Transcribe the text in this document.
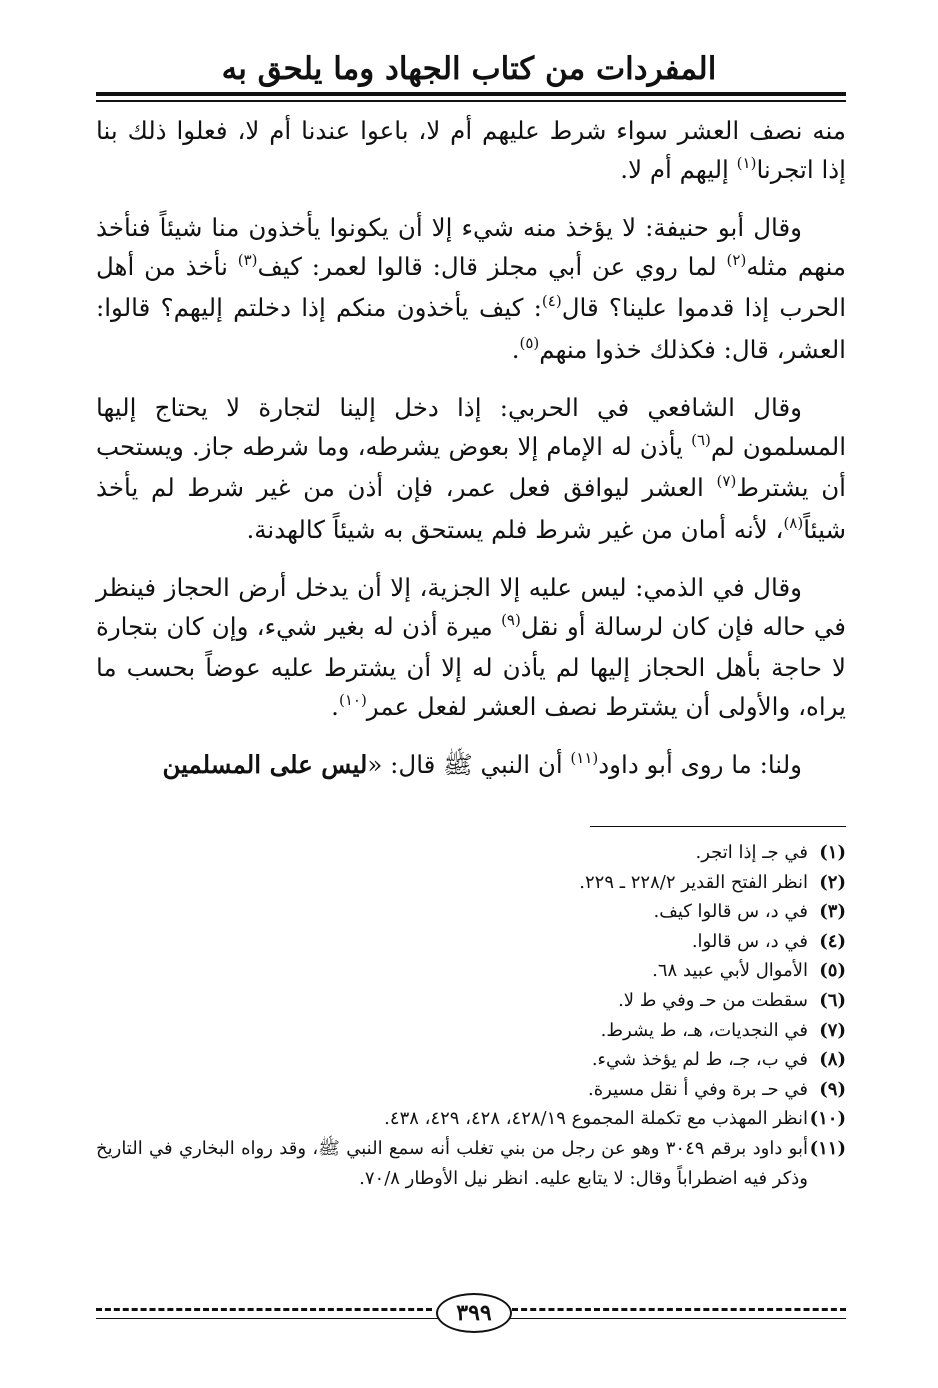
المفردات من كتاب الجهاد وما يلحق به

منه نصف العشر سواء شرط عليهم أم لا، باعوا عندنا أم لا، فعلوا ذلك بنا إذا اتجرنا$^{(١)}$ إليهم أم لا.

وقال أبو حنيفة: لا يؤخذ منه شيء إلا أن يكونوا يأخذون منا شيئاً فنأخذ منهم مثله$^{(٢)}$ لما روي عن أبي مجلز قال: قالوا لعمر: كيف$^{(٣)}$ نأخذ من أهل الحرب إذا قدموا علينا؟ قال$^{(٤)}$: كيف يأخذون منكم إذا دخلتم إليهم؟ قالوا: العشر، قال: فكذلك خذوا منهم$^{(٥)}$.

وقال الشافعي في الحربي: إذا دخل إلينا لتجارة لا يحتاج إليها المسلمون لم$^{(٦)}$ يأذن له الإمام إلا بعوض يشرطه، وما شرطه جاز. ويستحب أن يشترط$^{(٧)}$ العشر ليوافق فعل عمر، فإن أذن من غير شرط لم يأخذ شيئاً$^{(٨)}$، لأنه أمان من غير شرط فلم يستحق به شيئاً كالهدنة.

وقال في الذمي: ليس عليه إلا الجزية، إلا أن يدخل أرض الحجاز فينظر في حاله فإن كان لرسالة أو نقل$^{(٩)}$ ميرة أذن له بغير شيء، وإن كان بتجارة لا حاجة بأهل الحجاز إليها لم يأذن له إلا أن يشترط عليه عوضاً بحسب ما يراه، والأولى أن يشترط نصف العشر لفعل عمر$^{(١٠)}$.

ولنا: ما روى أبو داود$^{(١١)}$ أن النبي ﷺ قال: «ليس على المسلمين

(١)
في جـ إذا اتجر.
(٢)
انظر الفتح القدير ٢٢٨/٢ ـ ٢٢٩.
(٣)
في د، س قالوا كيف.
(٤)
في د، س قالوا.
(٥)
الأموال لأبي عبيد ٦٨.
(٦)
سقطت من حـ وفي ط لا.
(٧)
في النجديات، هـ، ط يشرط.
(٨)
في ب، جـ، ط لم يؤخذ شيء.
(٩)
في حـ برة وفي أ نقل مسيرة.
(١٠)
انظر المهذب مع تكملة المجموع ٤٢٨/١٩، ٤٢٨، ٤٢٩، ٤٣٨.
(١١)
أبو داود برقم ٣٠٤٩ وهو عن رجل من بني تغلب أنه سمع النبي ﷺ، وقد رواه البخاري في التاريخ وذكر فيه اضطراباً وقال: لا يتابع عليه. انظر نيل الأوطار ٧٠/٨.
٣٩٩
